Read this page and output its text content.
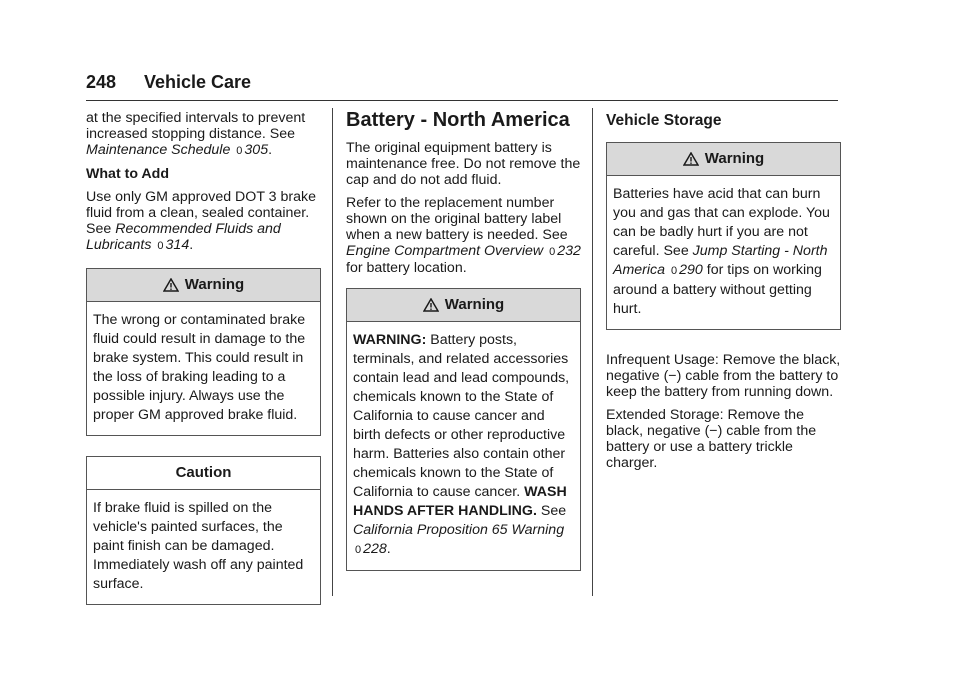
248 Vehicle Care

at the specified intervals to prevent increased stopping distance. See Maintenance Schedule 0 305.

What to Add

Use only GM approved DOT 3 brake fluid from a clean, sealed container. See Recommended Fluids and Lubricants 0 314.

Warning
The wrong or contaminated brake fluid could result in damage to the brake system. This could result in the loss of braking leading to a possible injury. Always use the proper GM approved brake fluid.
Caution
If brake fluid is spilled on the vehicle's painted surfaces, the paint finish can be damaged. Immediately wash off any painted surface.
Battery - North America

The original equipment battery is maintenance free. Do not remove the cap and do not add fluid.

Refer to the replacement number shown on the original battery label when a new battery is needed. See Engine Compartment Overview 0 232 for battery location.

Warning
WARNING: Battery posts, terminals, and related accessories contain lead and lead compounds, chemicals known to the State of California to cause cancer and birth defects or other reproductive harm. Batteries also contain other chemicals known to the State of California to cause cancer. WASH HANDS AFTER HANDLING. See California Proposition 65 Warning 0 228.
Vehicle Storage
Warning
Batteries have acid that can burn you and gas that can explode. You can be badly hurt if you are not careful. See Jump Starting - North America 0 290 for tips on working around a battery without getting hurt.

Infrequent Usage: Remove the black, negative (−) cable from the battery to keep the battery from running down.

Extended Storage: Remove the black, negative (−) cable from the battery or use a battery trickle charger.
